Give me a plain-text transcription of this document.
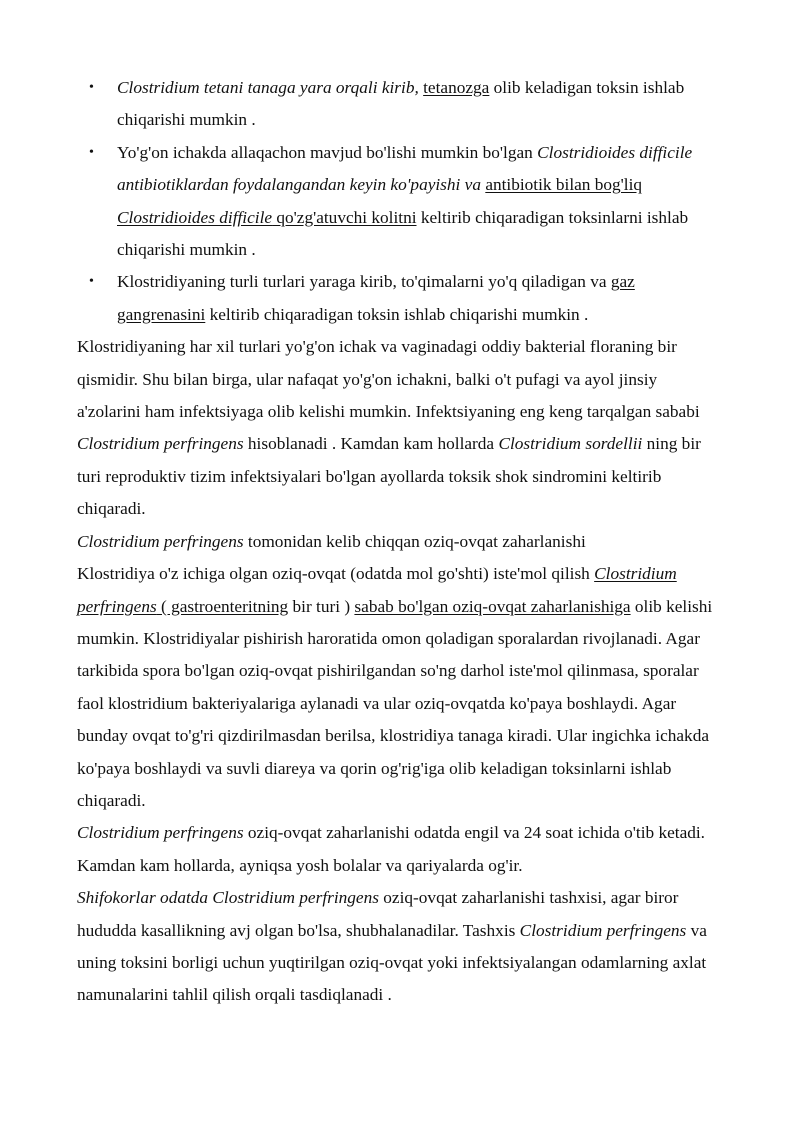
• Clostridium tetani tanaga yara orqali kirib, tetanozga olib keladigan toksin ishlab chiqarishi mumkin .
• Yo'g'on ichakda allaqachon mavjud bo'lishi mumkin bo'lgan Clostridioides difficile antibiotiklardan foydalangandan keyin ko'payishi va antibiotik bilan bog'liq Clostridioides difficile qo'zg'atuvchi kolitni keltirib chiqaradigan toksinlarni ishlab chiqarishi mumkin .
• Klostridiyaning turli turlari yaraga kirib, to'qimalarni yo'q qiladigan va gaz gangrenasini keltirib chiqaradigan toksin ishlab chiqarishi mumkin .

Klostridiyaning har xil turlari yo'g'on ichak va vaginadagi oddiy bakterial floraning bir qismidir. Shu bilan birga, ular nafaqat yo'g'on ichakni, balki o't pufagi va ayol jinsiy a'zolarini ham infektsiyaga olib kelishi mumkin. Infektsiyaning eng keng tarqalgan sababi Clostridium perfringens hisoblanadi . Kamdan kam hollarda Clostridium sordellii ning bir turi reproduktiv tizim infektsiyalari bo'lgan ayollarda toksik shok sindromini keltirib chiqaradi.

Clostridium perfringens tomonidan kelib chiqqan oziq-ovqat zaharlanishi

Klostridiya o'z ichiga olgan oziq-ovqat (odatda mol go'shti) iste'mol qilish Clostridium perfringens ( gastroenteritning bir turi ) sabab bo'lgan oziq-ovqat zaharlanishiga olib kelishi mumkin. Klostridiyalar pishirish haroratida omon qoladigan sporalardan rivojlanadi. Agar tarkibida spora bo'lgan oziq-ovqat pishirilgandan so'ng darhol iste'mol qilinmasa, sporalar faol klostridium bakteriyalariga aylanadi va ular oziq-ovqatda ko'paya boshlaydi. Agar bunday ovqat to'g'ri qizdirilmasdan berilsa, klostridiya tanaga kiradi. Ular ingichka ichakda ko'paya boshlaydi va suvli diareya va qorin og'rig'iga olib keladigan toksinlarni ishlab chiqaradi.

Clostridium perfringens oziq-ovqat zaharlanishi odatda engil va 24 soat ichida o'tib ketadi. Kamdan kam hollarda, ayniqsa yosh bolalar va qariyalarda og'ir.

Shifokorlar odatda Clostridium perfringens oziq-ovqat zaharlanishi tashxisi, agar biror hududda kasallikning avj olgan bo'lsa, shubhalanadilar. Tashxis Clostridium perfringens va uning toksini borligi uchun yuqtirilgan oziq-ovqat yoki infektsiyalangan odamlarning axlat namunalarini tahlil qilish orqali tasdiqlanadi .
